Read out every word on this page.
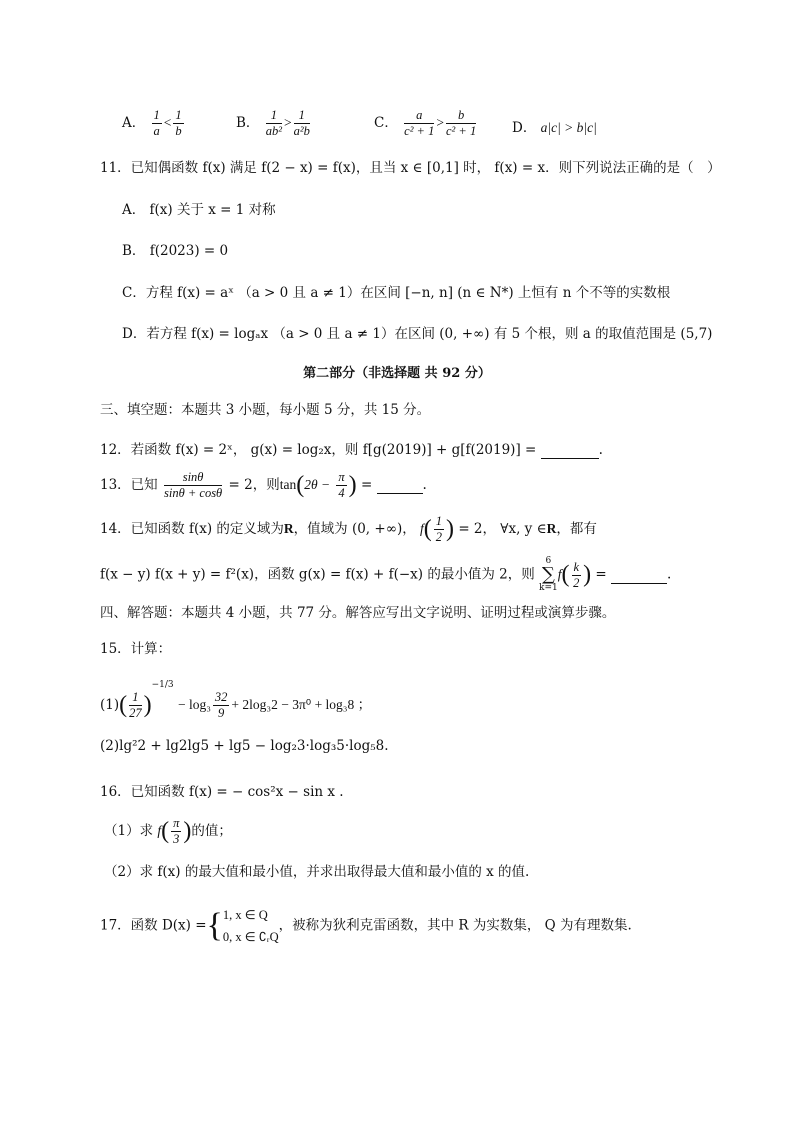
A． $\frac{1}{a} < \frac{1}{b}$	B． $\frac{1}{\text{ab²}} > \frac{1}{\text{a²b}}$	C． $\frac{a}{\text{c² + 1}} > \frac{b}{\text{c² + 1}}$	D． a|c| > b|c|
11．已知偶函数 f(x) 满足 f(2 − x) = f(x)，且当 x ∈ [0,1] 时， f(x) = x．则下列说法正确的是（　）
A． f(x) 关于 x = 1 对称
B． f(2023) = 0
C．方程 f(x) = aˣ （a > 0 且 a ≠ 1）在区间 [−n, n] (n ∈ N*) 上恒有 n 个不等的实数根
D．若方程 f(x) = logₐx （a > 0 且 a ≠ 1）在区间 (0, +∞) 有 5 个根，则 a 的取值范围是 (5,7)
第二部分（非选择题 共 92 分）
三、填空题：本题共 3 小题，每小题 5 分，共 15 分。
12．若函数 f(x) = 2ˣ， g(x) = log₂x，则 f[g(2019)] + g[f(2019)] =	.
13．已知 $\frac{\sin\theta}{\sin\theta + \cos\theta} = 2$，则$\tan(2\theta - \frac{\pi}{4}$ ) =	.
14．已知函数 f(x) 的定义域为R，值域为 (0, +∞)， $f( \frac{1}{2}$ ) = 2， ∀x, y ∈R，都有
f(x − y) f(x + y) = f²(x)，函数 g(x) = f(x) + f(−x) 的最小值为 2，则
6
∑
k=1
$f( \frac{k}{2}$ ) =	.
四、解答题：本题共 4 小题，共 77 分。解答应写出文字说明、证明过程或演算步骤。
15．计算：
$(1)( \frac{1}{27} )^{-1/3} - \log_3 \frac{32}{9} + 2\log_32 - 3\pi^0 + \log_38$ ；
(2)lg²2 + lg2lg5 + lg5 − log₂3·log₃5·log₅8.
16．已知函数 f(x) = − cos²x − sin x .
（1）求 $f( \frac{\pi}{3}$ )的值；
（2）求 f(x) 的最大值和最小值，并求出取得最大值和最小值的 x 的值.
17．函数 D(x) ={ 1, x ∈ Q
0, x ∈ ∁ᵣQ
，被称为狄利克雷函数，其中 R 为实数集， Q 为有理数集.
